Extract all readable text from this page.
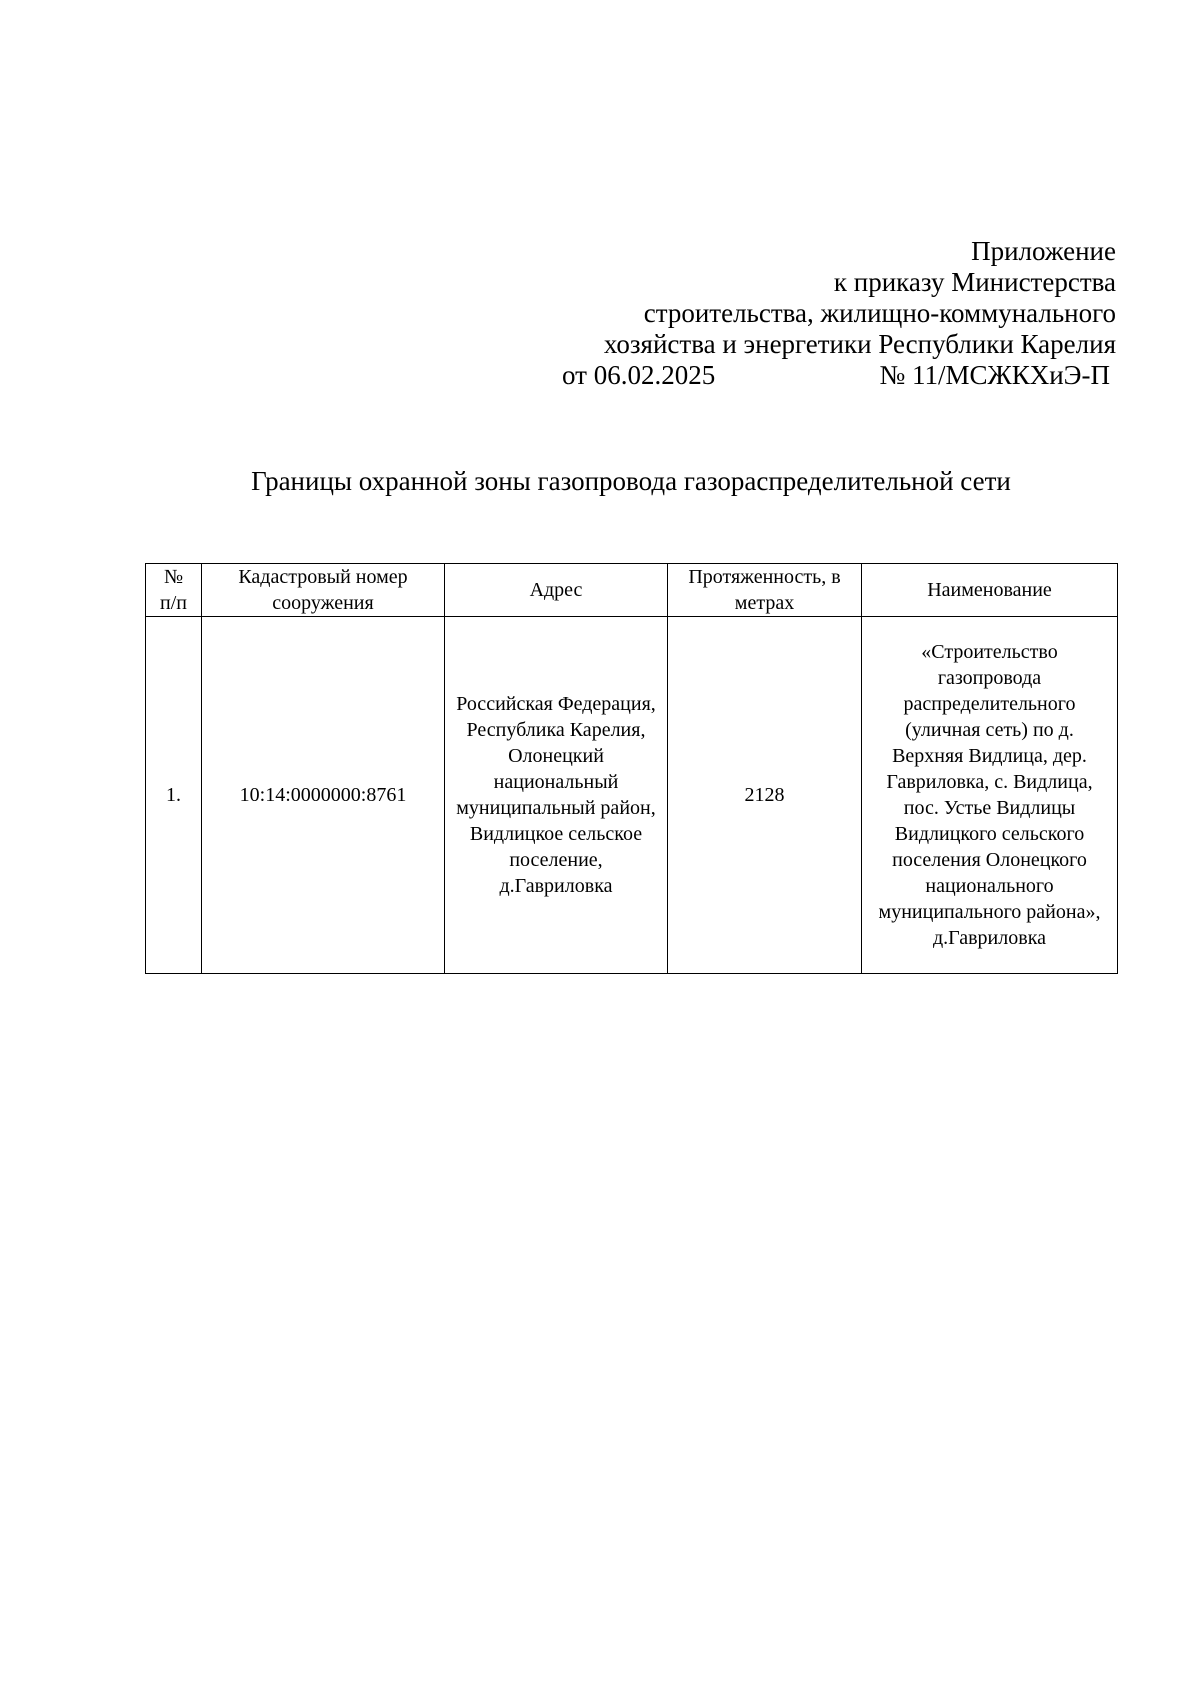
Приложение
к приказу Министерства
строительства, жилищно-коммунального
хозяйства и энергетики Республики Карелия
от 06.02.2025	№ 11/МСЖКХиЭ-П
Границы охранной зоны газопровода газораспределительной сети
№ п/п	Кадастровый номер сооружения	Адрес	Протяженность, в метрах	Наименование

1.	10:14:0000000:8761	Российская Федерация, Республика Карелия, Олонецкий национальный муниципальный район, Видлицкое сельское поселение, д.Гавриловка	2128	«Строительство газопровода распределительного (уличная сеть) по д. Верхняя Видлица, дер. Гавриловка, с. Видлица, пос. Устье Видлицы Видлицкого сельского поселения Олонецкого национального муниципального района», д.Гавриловка
